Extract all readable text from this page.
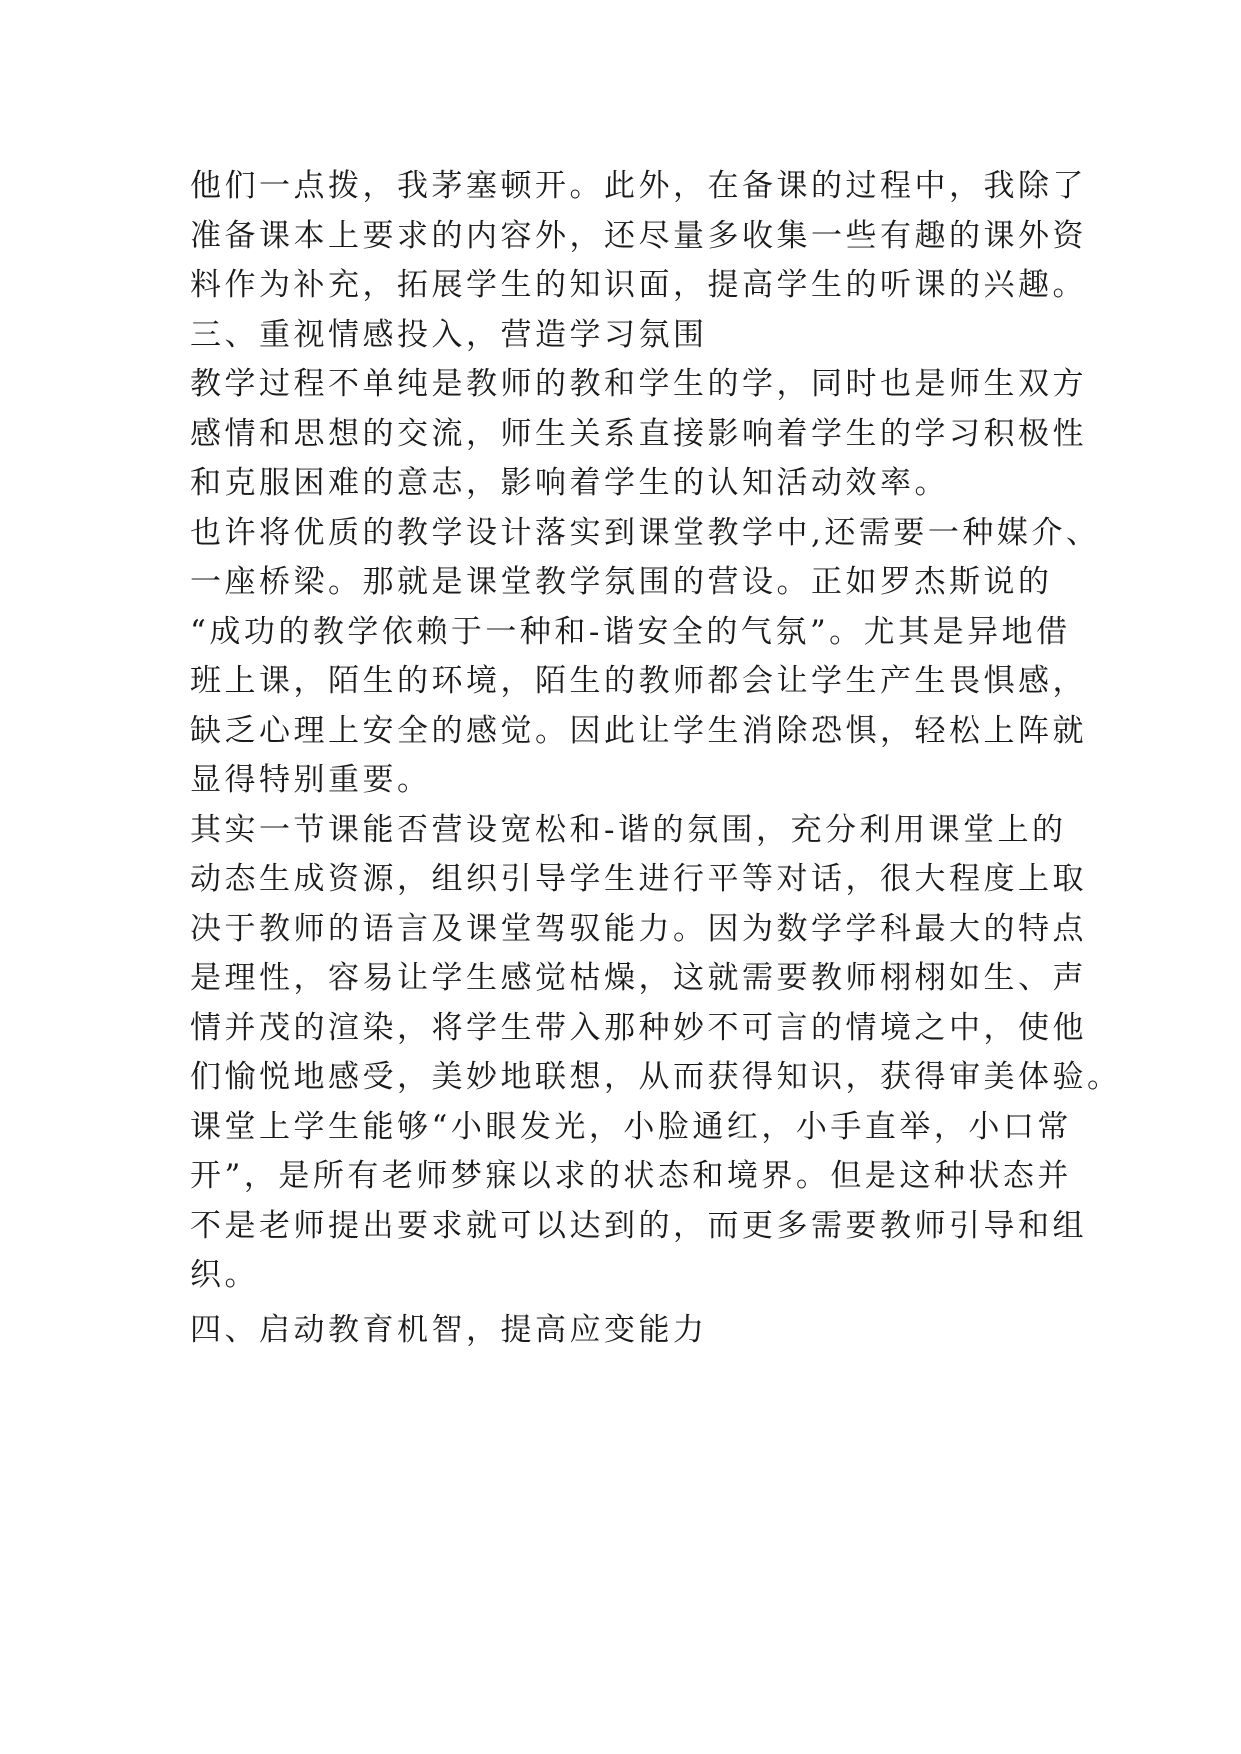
他们一点拨，我茅塞顿开。此外，在备课的过程中，我除了
准备课本上要求的内容外，还尽量多收集一些有趣的课外资
料作为补充，拓展学生的知识面，提高学生的听课的兴趣。
三、重视情感投入，营造学习氛围
教学过程不单纯是教师的教和学生的学，同时也是师生双方
感情和思想的交流，师生关系直接影响着学生的学习积极性
和克服困难的意志，影响着学生的认知活动效率。
也许将优质的教学设计落实到课堂教学中,还需要一种媒介、
一座桥梁。那就是课堂教学氛围的营设。正如罗杰斯说的
“成功的教学依赖于一种和-谐安全的气氛”。尤其是异地借
班上课，陌生的环境，陌生的教师都会让学生产生畏惧感，
缺乏心理上安全的感觉。因此让学生消除恐惧，轻松上阵就
显得特别重要。
其实一节课能否营设宽松和-谐的氛围，充分利用课堂上的
动态生成资源，组织引导学生进行平等对话，很大程度上取
决于教师的语言及课堂驾驭能力。因为数学学科最大的特点
是理性，容易让学生感觉枯燥，这就需要教师栩栩如生、声
情并茂的渲染，将学生带入那种妙不可言的情境之中，使他
们愉悦地感受，美妙地联想，从而获得知识，获得审美体验。
课堂上学生能够“小眼发光，小脸通红，小手直举，小口常
开”，是所有老师梦寐以求的状态和境界。但是这种状态并
不是老师提出要求就可以达到的，而更多需要教师引导和组
织。
四、启动教育机智，提高应变能力
